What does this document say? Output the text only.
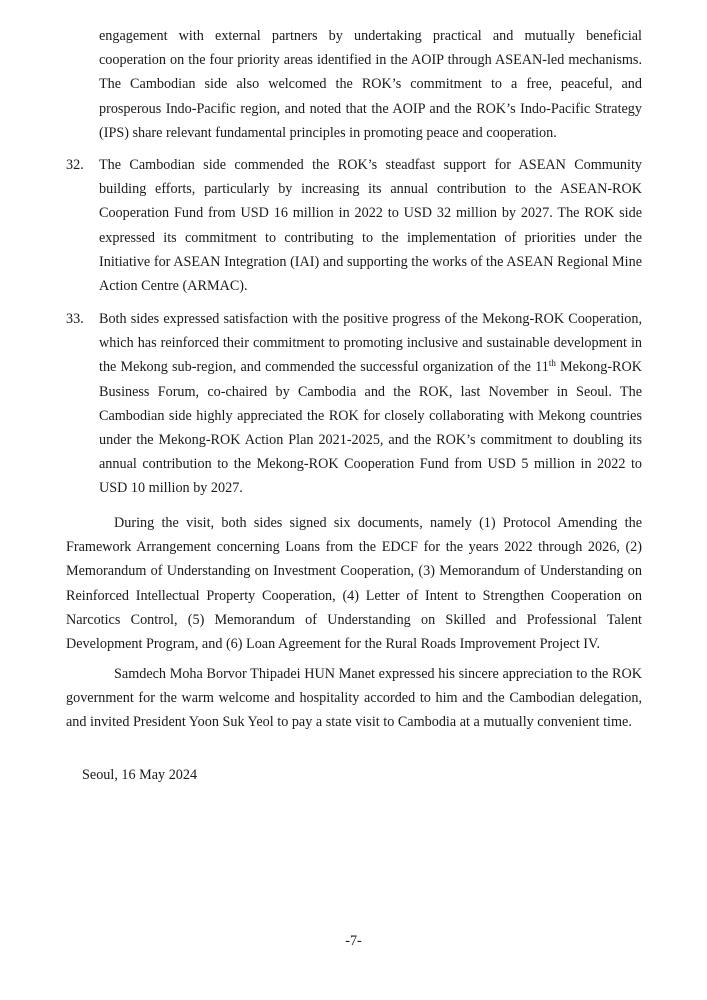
engagement with external partners by undertaking practical and mutually beneficial cooperation on the four priority areas identified in the AOIP through ASEAN-led mechanisms. The Cambodian side also welcomed the ROK’s commitment to a free, peaceful, and prosperous Indo-Pacific region, and noted that the AOIP and the ROK’s Indo-Pacific Strategy (IPS) share relevant fundamental principles in promoting peace and cooperation.

32. The Cambodian side commended the ROK’s steadfast support for ASEAN Community building efforts, particularly by increasing its annual contribution to the ASEAN-ROK Cooperation Fund from USD 16 million in 2022 to USD 32 million by 2027. The ROK side expressed its commitment to contributing to the implementation of priorities under the Initiative for ASEAN Integration (IAI) and supporting the works of the ASEAN Regional Mine Action Centre (ARMAC).

33. Both sides expressed satisfaction with the positive progress of the Mekong-ROK Cooperation, which has reinforced their commitment to promoting inclusive and sustainable development in the Mekong sub-region, and commended the successful organization of the 11th Mekong-ROK Business Forum, co-chaired by Cambodia and the ROK, last November in Seoul. The Cambodian side highly appreciated the ROK for closely collaborating with Mekong countries under the Mekong-ROK Action Plan 2021-2025, and the ROK’s commitment to doubling its annual contribution to the Mekong-ROK Cooperation Fund from USD 5 million in 2022 to USD 10 million by 2027.

During the visit, both sides signed six documents, namely (1) Protocol Amending the Framework Arrangement concerning Loans from the EDCF for the years 2022 through 2026, (2) Memorandum of Understanding on Investment Cooperation, (3) Memorandum of Understanding on Reinforced Intellectual Property Cooperation, (4) Letter of Intent to Strengthen Cooperation on Narcotics Control, (5) Memorandum of Understanding on Skilled and Professional Talent Development Program, and (6) Loan Agreement for the Rural Roads Improvement Project IV.

Samdech Moha Borvor Thipadei HUN Manet expressed his sincere appreciation to the ROK government for the warm welcome and hospitality accorded to him and the Cambodian delegation, and invited President Yoon Suk Yeol to pay a state visit to Cambodia at a mutually convenient time.

Seoul, 16 May 2024
-7-
